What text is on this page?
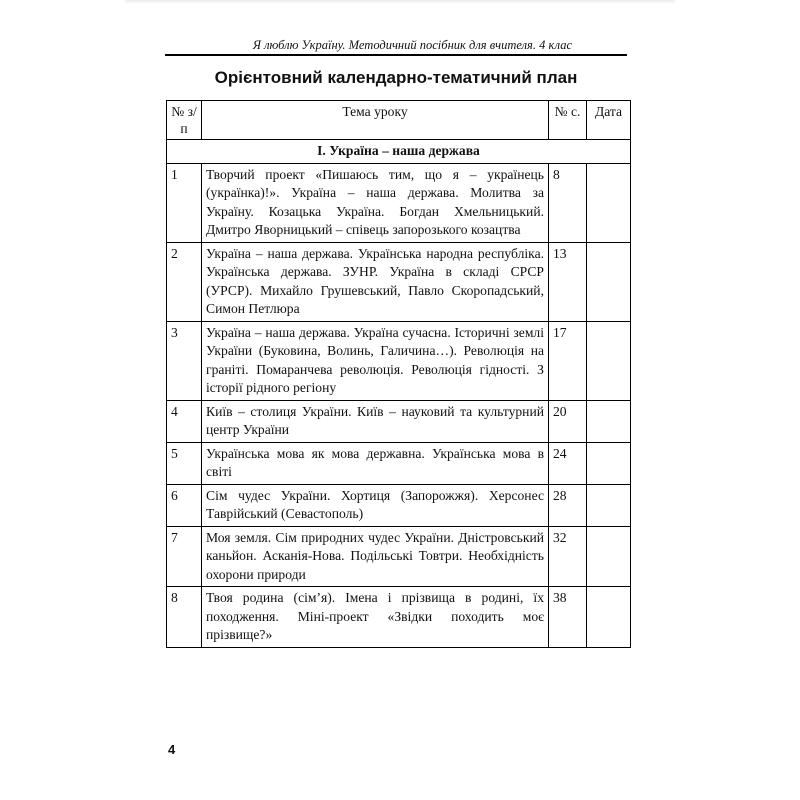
Я люблю Україну. Методичний посібник для вчителя. 4 клас
Орієнтовний календарно-тематичний план
№ з/п	Тема уроку	№ с.	Дата
І. Україна – наша держава			
1	Творчий проект «Пишаюсь тим, що я – українець (українка)!». Україна – наша держава. Молитва за Україну. Козацька Україна. Богдан Хмельницький. Дмитро Яворницький – співець запорозького козацтва	8	
2	Україна – наша держава. Українська народна республіка. Українська держава. ЗУНР. Україна в складі СРСР (УРСР). Михайло Грушевський, Павло Скоропадський, Симон Петлюра	13	
3	Україна – наша держава. Україна сучасна. Історичні землі України (Буковина, Волинь, Галичина…). Революція на граніті. Помаранчева революція. Революція гідності. З історії рідного регіону	17	
4	Київ – столиця України. Київ – науковий та культурний центр України	20	
5	Українська мова як мова державна. Українська мова в світі	24	
6	Сім чудес України. Хортиця (Запорожжя). Херсонес Таврійський (Севастополь)	28	
7	Моя земля. Сім природних чудес України. Дністровський каньйон. Асканія-Нова. Подільські Товтри. Необхідність охорони природи	32	
8	Твоя родина (сім’я). Імена і прізвища в родині, їх походження. Міні-проект «Звідки походить моє прізвище?»	38	
4
